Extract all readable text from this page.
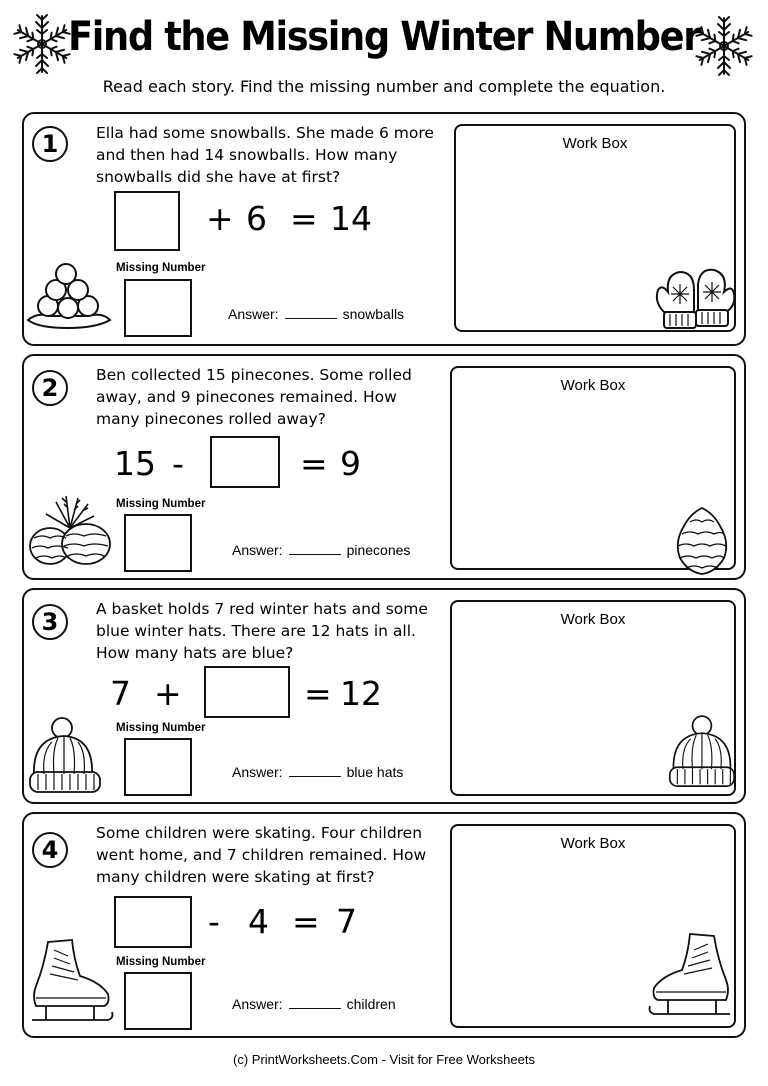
Find the Missing Winter Number
Read each story. Find the missing number and complete the equation.
1	Ella had some snowballs. She made 6 more and then had 14 snowballs. How many snowballs did she have at first?
+ 6 = 14
Missing Number
Answer:	snowballs
Work Box
2	Ben collected 15 pinecones. Some rolled away, and 9 pinecones remained. How many pinecones rolled away?
15 -	= 9
Missing Number
Answer:	pinecones
Work Box
3	A basket holds 7 red winter hats and some blue winter hats. There are 12 hats in all. How many hats are blue?
7 +	= 12
Missing Number
Answer:	blue hats
Work Box
4
Some children were skating. Four children went home, and 7 children remained. How many children were skating at first?
- 4 = 7
Missing Number
Answer:	children
Work Box
(c) PrintWorksheets.Com - Visit for Free Worksheets
